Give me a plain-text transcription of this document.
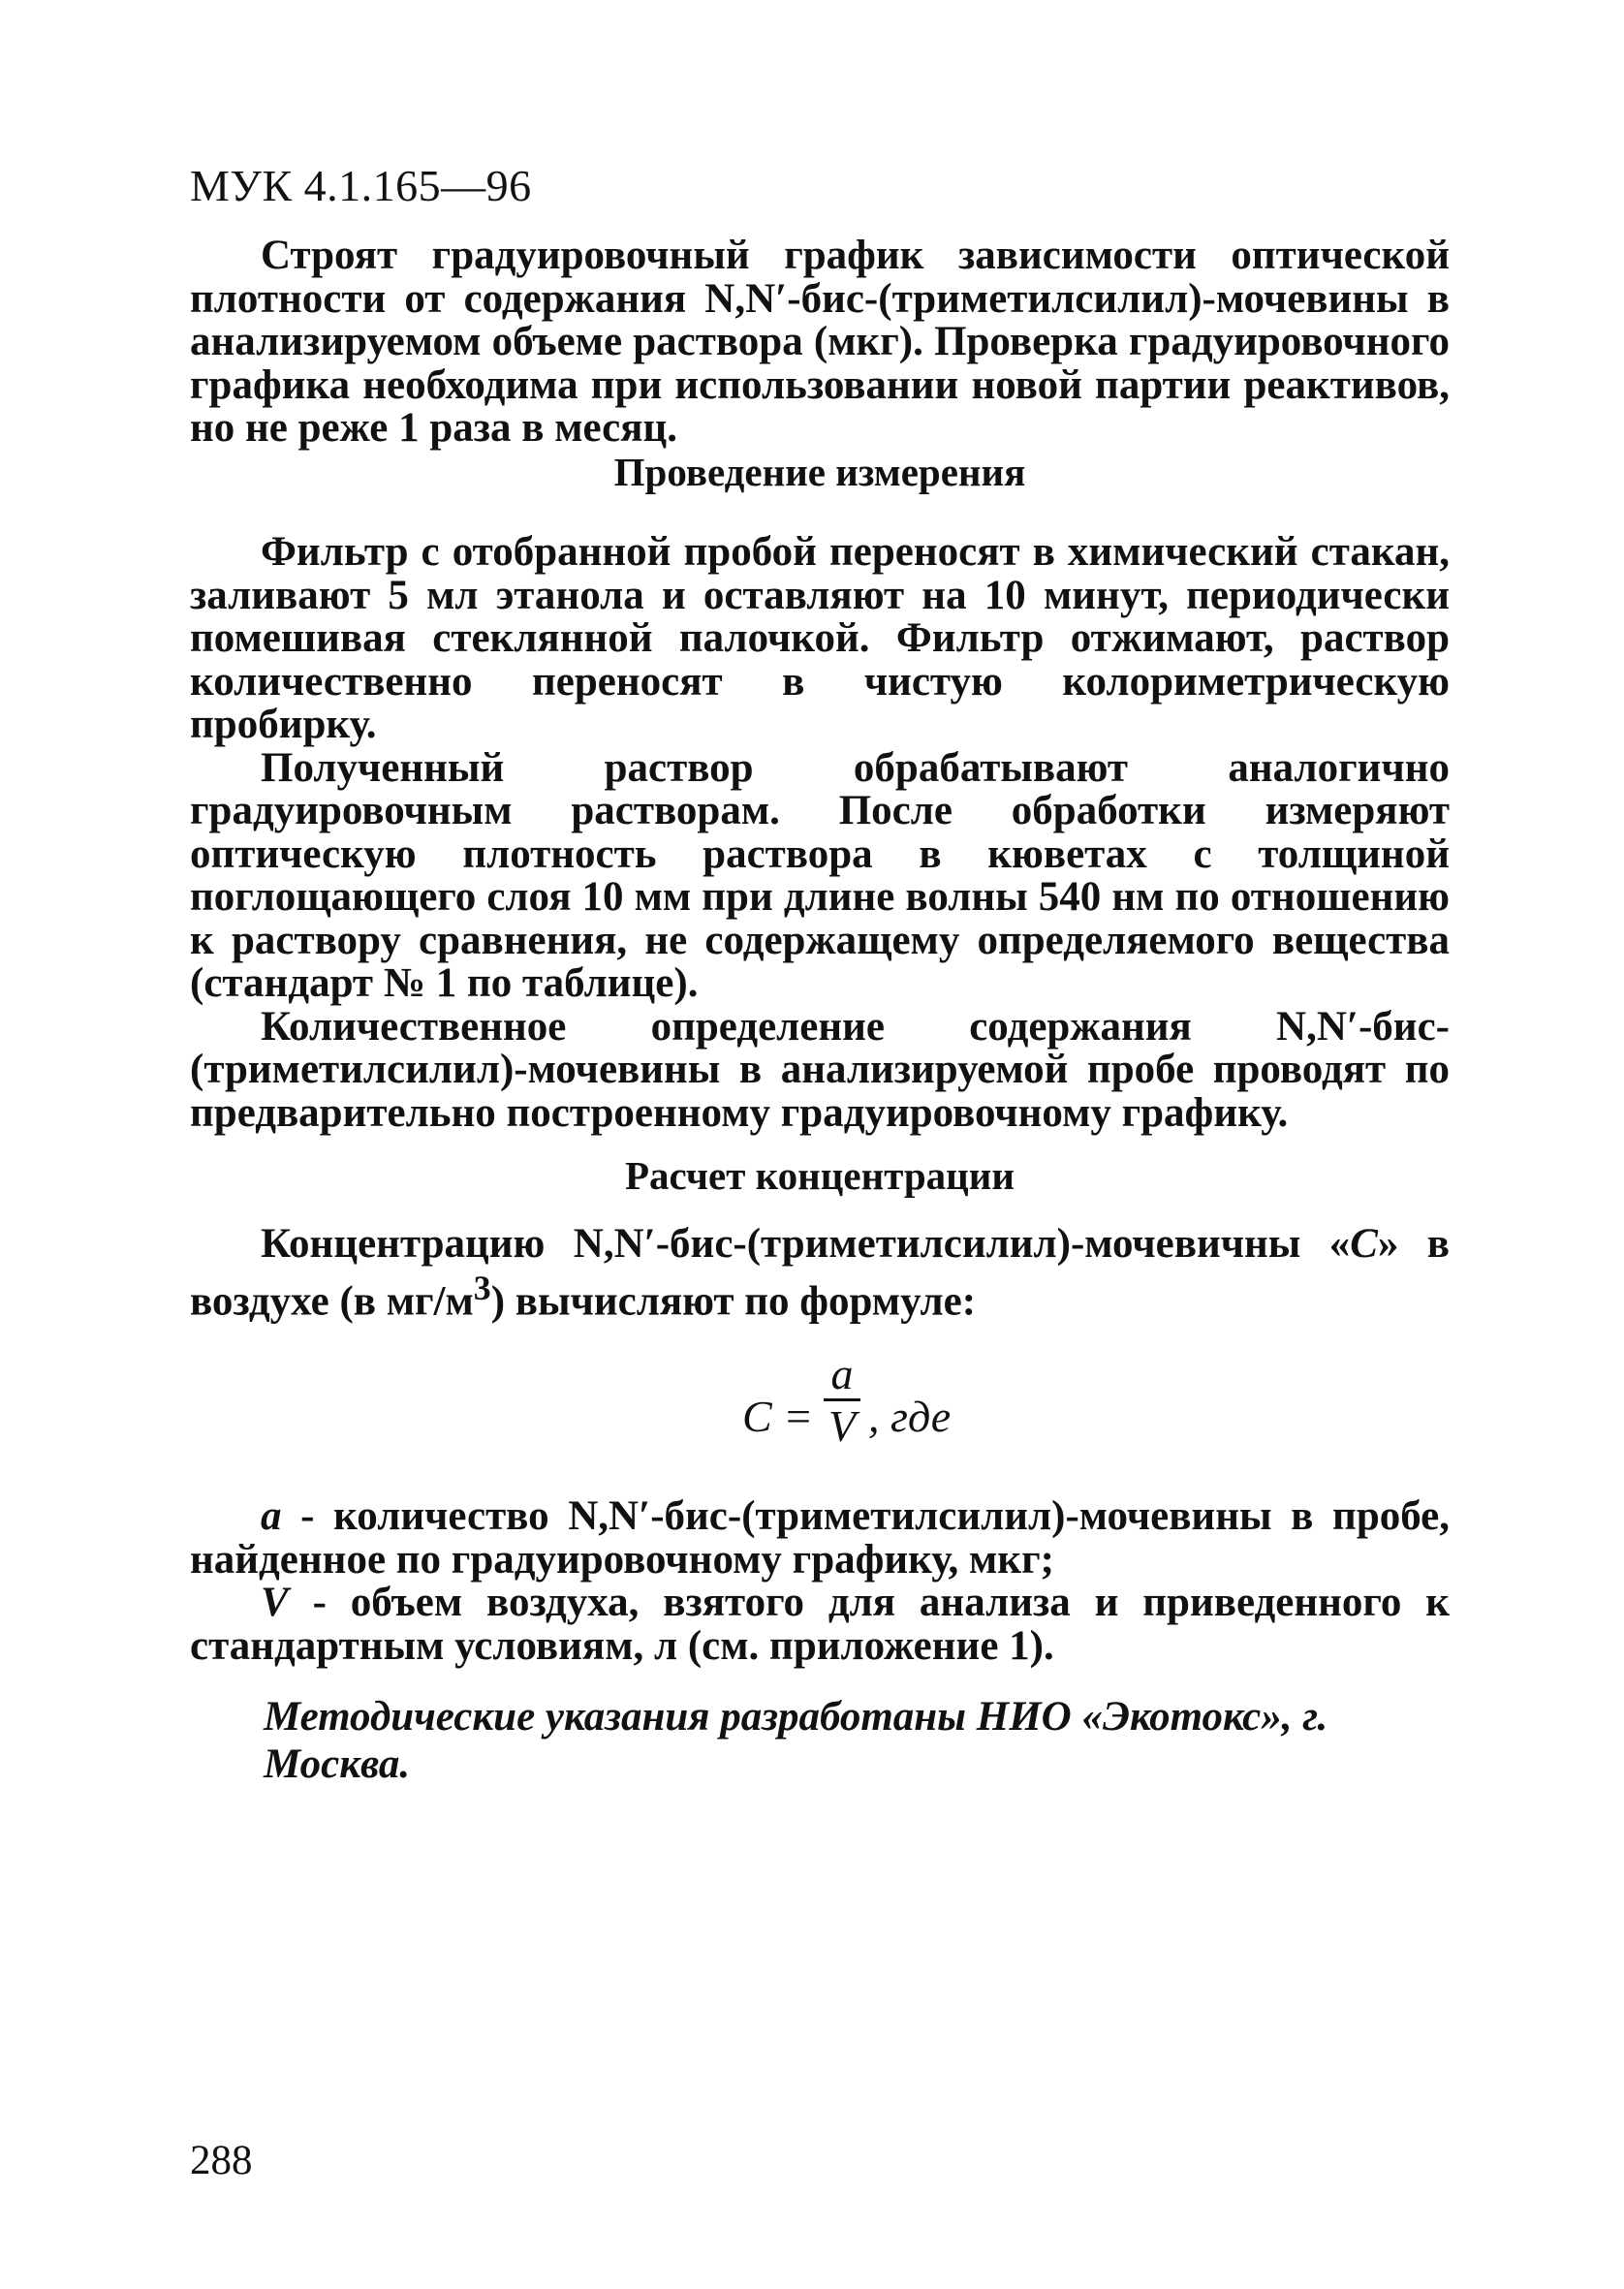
МУК 4.1.165—96

Строят градуировочный график зависимости оптической плотности от содержания N,N′-бис-(триметилсилил)-мочевины в анализируемом объеме раствора (мкг). Проверка градуировочного графика необходима при использовании новой партии реактивов, но не реже 1 раза в месяц.

Проведение измерения

Фильтр с отобранной пробой переносят в химический стакан, заливают 5 мл этанола и оставляют на 10 минут, периодически помешивая стеклянной палочкой. Фильтр отжимают, раствор количественно переносят в чистую колориметрическую пробирку.

Полученный раствор обрабатывают аналогично градуировочным растворам. После обработки измеряют оптическую плотность раствора в кюветах с толщиной поглощающего слоя 10 мм при длине волны 540 нм по отношению к раствору сравнения, не содержащему определяемого вещества (стандарт № 1 по таблице).

Количественное определение содержания N,N′-бис-(триметилсилил)-мочевины в анализируемой пробе проводят по предварительно построенному градуировочному графику.

Расчет концентрации

Концентрацию N,N′-бис-(триметилсилил)-мочевичны «С» в воздухе (в $мг/м^3$) вычисляют по формуле:

C =
a
V , где

a - количество N,N′-бис-(триметилсилил)-мочевины в пробе, найденное по градуировочному графику, мкг;

V - объем воздуха, взятого для анализа и приведенного к стандартным условиям, л (см. приложение 1).

Методические указания разработаны НИО «Экотокс», г. Москва.
288
